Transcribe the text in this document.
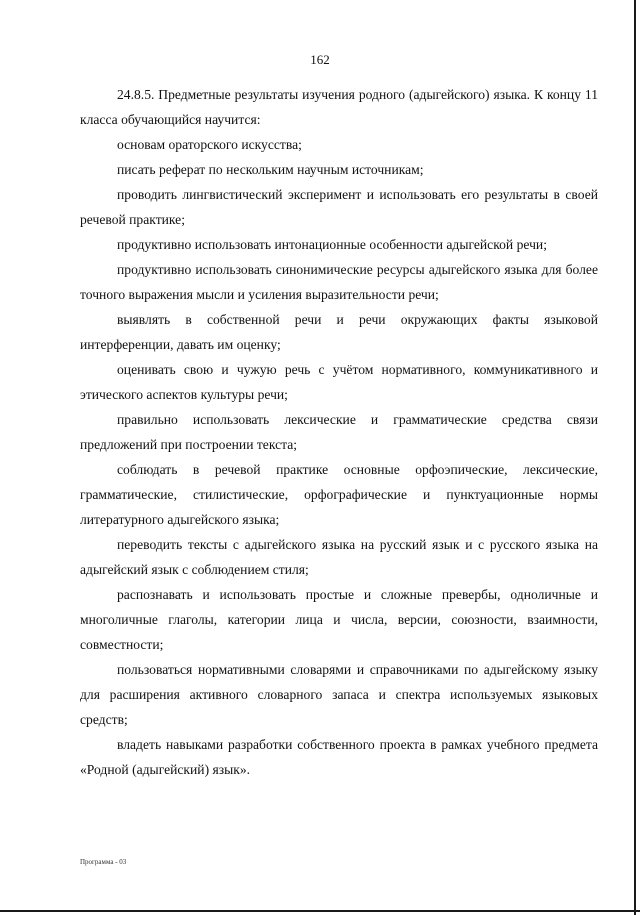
162

24.8.5. Предметные результаты изучения родного (адыгейского) языка. К концу 11 класса обучающийся научится:

основам ораторского искусства;

писать реферат по нескольким научным источникам;

проводить лингвистический эксперимент и использовать его результаты в своей речевой практике;

продуктивно использовать интонационные особенности адыгейской речи;

продуктивно использовать синонимические ресурсы адыгейского языка для более точного выражения мысли и усиления выразительности речи;

выявлять в собственной речи и речи окружающих факты языковой интерференции, давать им оценку;

оценивать свою и чужую речь с учётом нормативного, коммуникативного и этического аспектов культуры речи;

правильно использовать лексические и грамматические средства связи предложений при построении текста;

соблюдать в речевой практике основные орфоэпические, лексические, грамматические, стилистические, орфографические и пунктуационные нормы литературного адыгейского языка;

переводить тексты с адыгейского языка на русский язык и с русского языка на адыгейский язык с соблюдением стиля;

распознавать и использовать простые и сложные превербы, одноличные и многоличные глаголы, категории лица и числа, версии, союзности, взаимности, совместности;

пользоваться нормативными словарями и справочниками по адыгейскому языку для расширения активного словарного запаса и спектра используемых языковых средств;

владеть навыками разработки собственного проекта в рамках учебного предмета «Родной (адыгейский) язык».

Программа - 03
